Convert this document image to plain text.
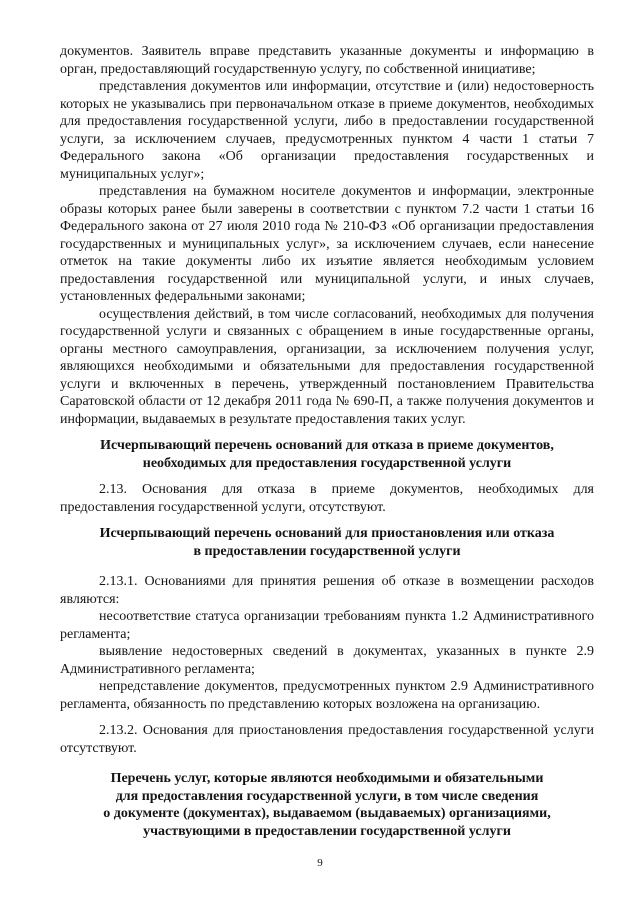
документов. Заявитель вправе представить указанные документы и информацию в орган, предоставляющий государственную услугу, по собственной инициативе;

представления документов или информации, отсутствие и (или) недостоверность которых не указывались при первоначальном отказе в приеме документов, необходимых для предоставления государственной услуги, либо в предоставлении государственной услуги, за исключением случаев, предусмотренных пунктом 4 части 1 статьи 7 Федерального закона «Об организации предоставления государственных и муниципальных услуг»;

представления на бумажном носителе документов и информации, электронные образы которых ранее были заверены в соответствии с пунктом 7.2 части 1 статьи 16 Федерального закона от 27 июля 2010 года № 210-ФЗ «Об организации предоставления государственных и муниципальных услуг», за исключением случаев, если нанесение отметок на такие документы либо их изъятие является необходимым условием предоставления государственной или муниципальной услуги, и иных случаев, установленных федеральными законами;

осуществления действий, в том числе согласований, необходимых для получения государственной услуги и связанных с обращением в иные государственные органы, органы местного самоуправления, организации, за исключением получения услуг, являющихся необходимыми и обязательными для предоставления государственной услуги и включенных в перечень, утвержденный постановлением Правительства Саратовской области от 12 декабря 2011 года № 690-П, а также получения документов и информации, выдаваемых в результате предоставления таких услуг.

Исчерпывающий перечень оснований для отказа в приеме документов,

необходимых для предоставления государственной услуги

2.13. Основания для отказа в приеме документов, необходимых для предоставления государственной услуги, отсутствуют.

Исчерпывающий перечень оснований для приостановления или отказа

в предоставлении государственной услуги

2.13.1. Основаниями для принятия решения об отказе в возмещении расходов являются:

несоответствие статуса организации требованиям пункта 1.2 Административного регламента;

выявление недостоверных сведений в документах, указанных в пункте 2.9 Административного регламента;

непредставление документов, предусмотренных пунктом 2.9 Административного регламента, обязанность по представлению которых возложена на организацию.

2.13.2. Основания для приостановления предоставления государственной услуги отсутствуют.

Перечень услуг, которые являются необходимыми и обязательными

для предоставления государственной услуги, в том числе сведения

о документе (документах), выдаваемом (выдаваемых) организациями,

участвующими в предоставлении государственной услуги

9
